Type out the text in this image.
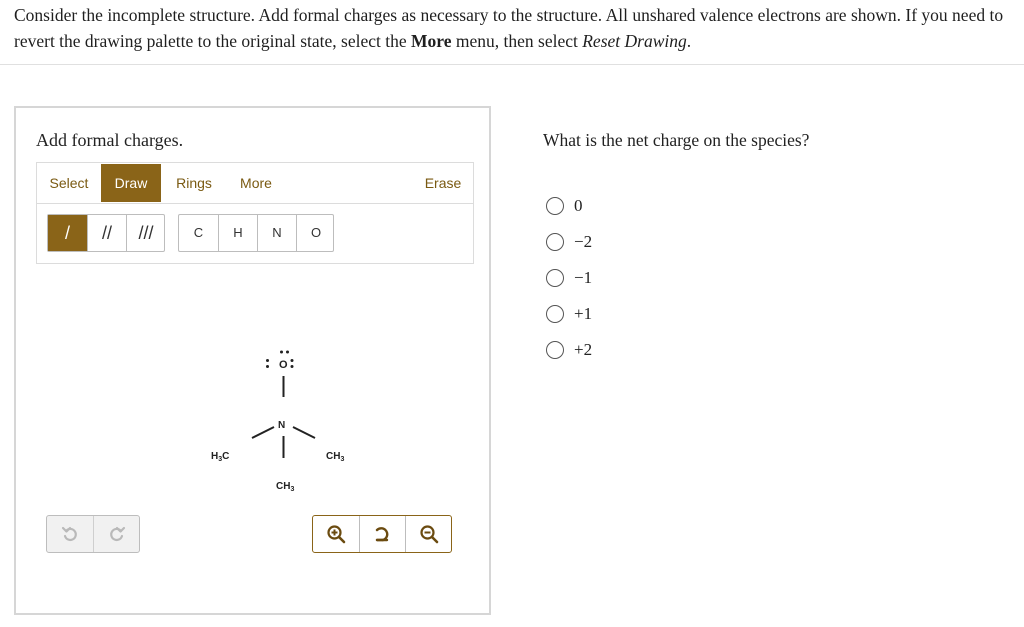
Consider the incomplete structure. Add formal charges as necessary to the structure. All unshared valence electrons are shown. If you need to revert the drawing palette to the original state, select the More menu, then select Reset Drawing.
Add formal charges.
Select	Draw	Rings	More	Erase
/	//	///	C	H	N	O
O
N
$H_3C$	$CH_3$
$CH_3$
What is the net charge on the species?
0
−2
−1
+1
+2
